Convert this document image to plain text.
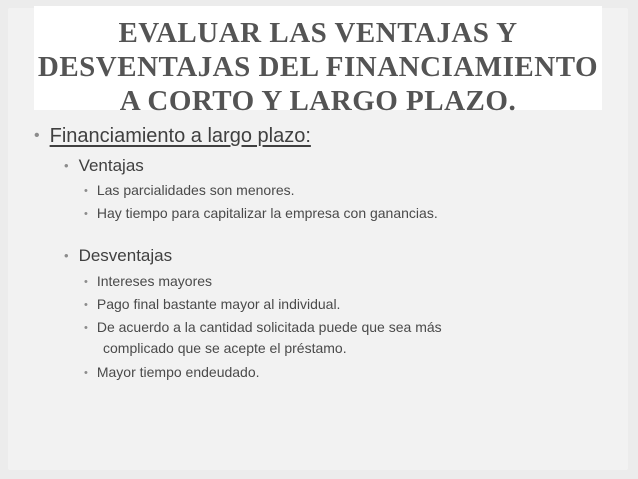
EVALUAR LAS VENTAJAS Y
DESVENTAJAS DEL FINANCIAMIENTO
A CORTO Y LARGO PLAZO.
• Financiamiento a largo plazo:
• Ventajas
• Las parcialidades son menores.
• Hay tiempo para capitalizar la empresa con ganancias.
• Desventajas
• Intereses mayores
• Pago final bastante mayor al individual.
• De acuerdo a la cantidad solicitada puede que sea más
complicado que se acepte el préstamo.
• Mayor tiempo endeudado.
